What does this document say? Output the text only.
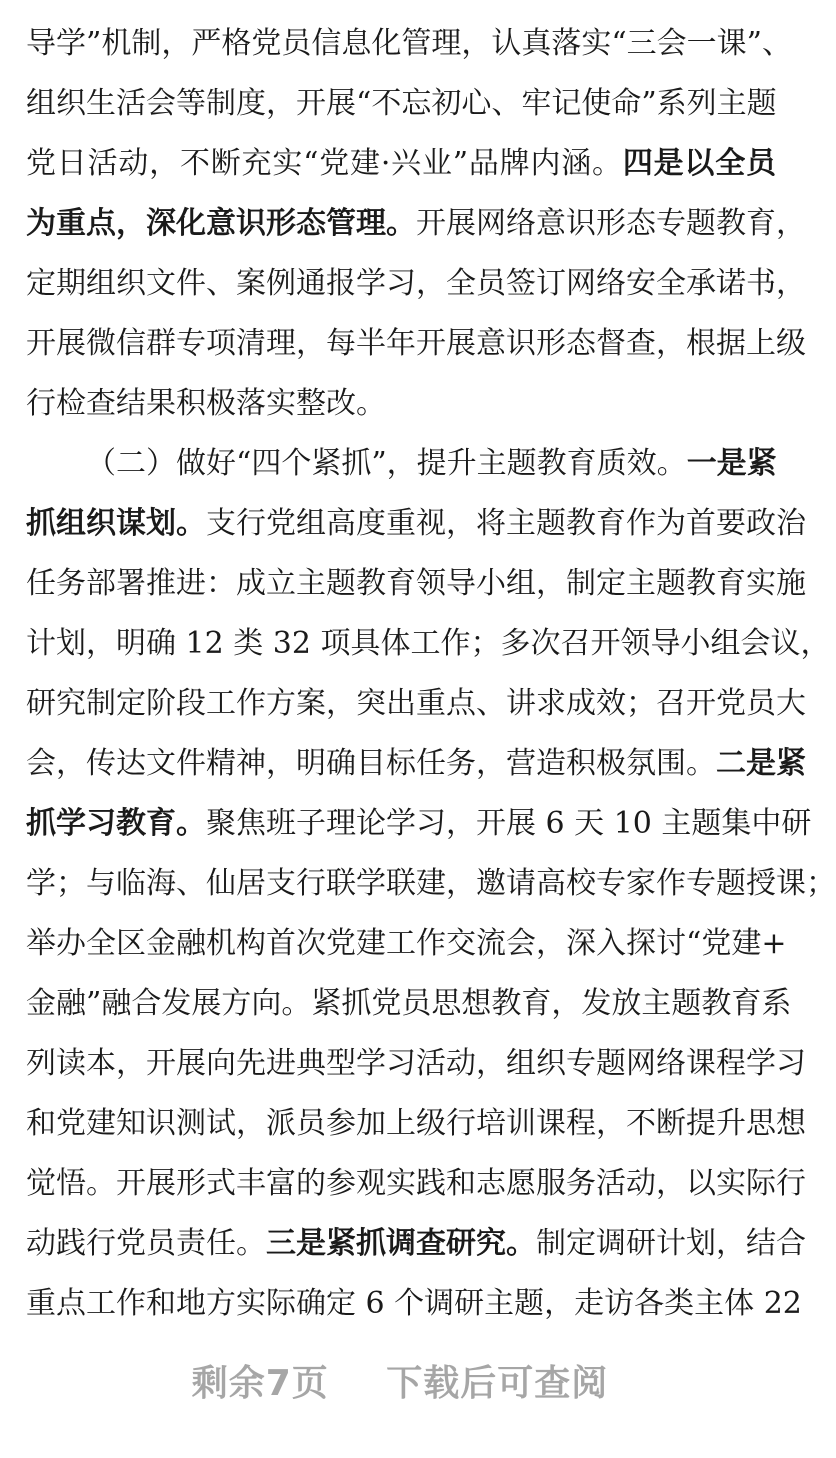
导学”机制，严格党员信息化管理，认真落实“三会一课”、
组织生活会等制度，开展“不忘初心、牢记使命”系列主题
党日活动，不断充实“党建·兴业”品牌内涵。四是以全员
为重点，深化意识形态管理。开展网络意识形态专题教育，
定期组织文件、案例通报学习，全员签订网络安全承诺书，
开展微信群专项清理，每半年开展意识形态督查，根据上级
行检查结果积极落实整改。
（二）做好“四个紧抓”，提升主题教育质效。一是紧
抓组织谋划。支行党组高度重视，将主题教育作为首要政治
任务部署推进：成立主题教育领导小组，制定主题教育实施
计划，明确 12 类 32 项具体工作；多次召开领导小组会议，
研究制定阶段工作方案，突出重点、讲求成效；召开党员大
会，传达文件精神，明确目标任务，营造积极氛围。二是紧
抓学习教育。聚焦班子理论学习，开展 6 天 10 主题集中研
学；与临海、仙居支行联学联建，邀请高校专家作专题授课；
举办全区金融机构首次党建工作交流会，深入探讨“党建+
金融”融合发展方向。紧抓党员思想教育，发放主题教育系
列读本，开展向先进典型学习活动，组织专题网络课程学习
和党建知识测试，派员参加上级行培训课程，不断提升思想
觉悟。开展形式丰富的参观实践和志愿服务活动，以实际行
动践行党员责任。三是紧抓调查研究。制定调研计划，结合
重点工作和地方实际确定 6 个调研主题，走访各类主体 22
剩余7页 下载后可查阅
